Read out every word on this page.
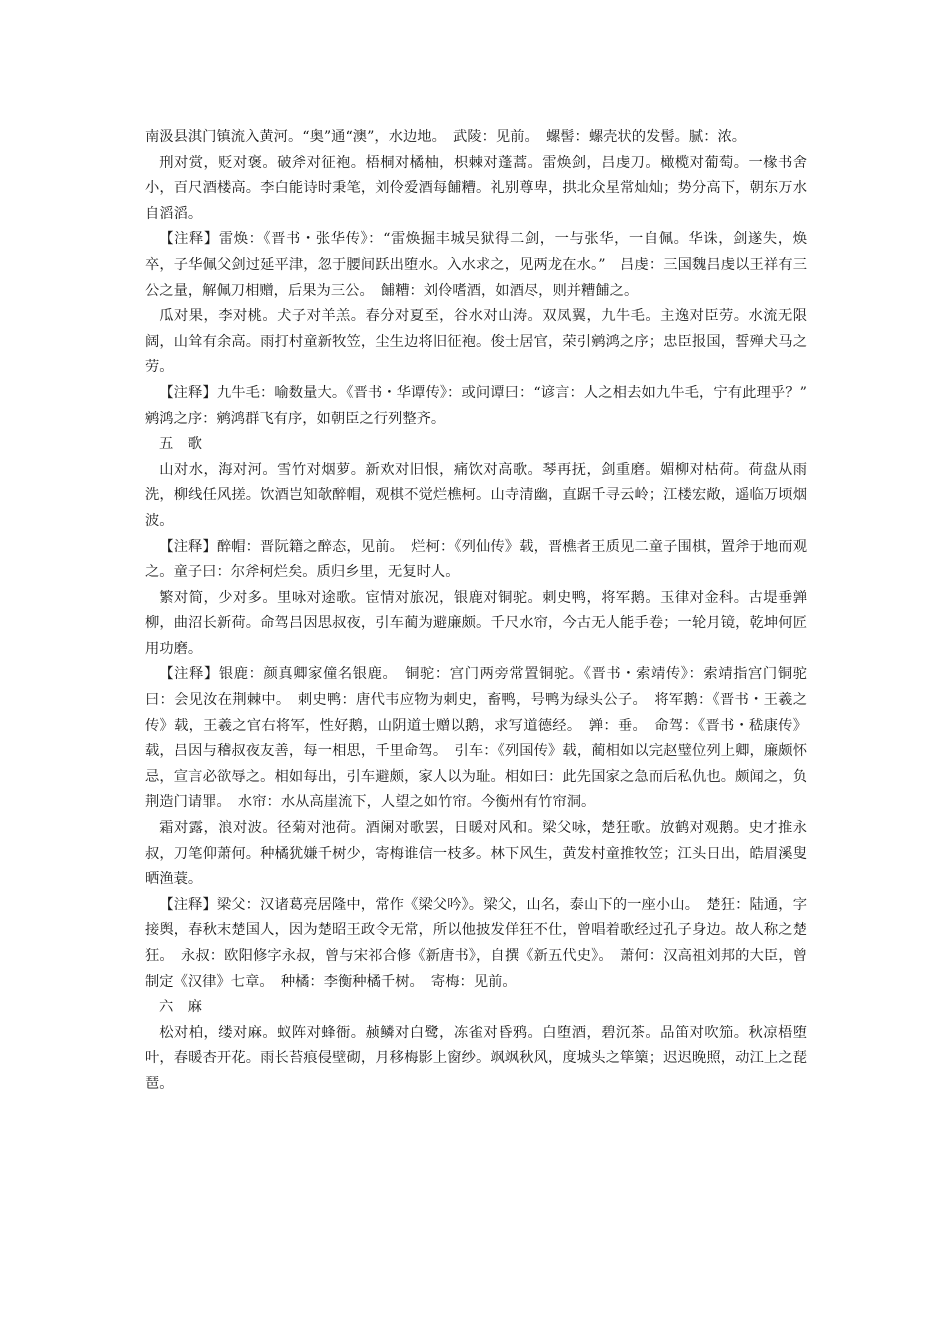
南汲县淇门镇流入黄河。“奥”通“澳”，水边地。　武陵：见前。　螺髻：螺壳状的发髻。腻：浓。

刑对赏，贬对褒。破斧对征袍。梧桐对橘柚，枳棘对蓬蒿。雷焕剑，吕虔刀。橄榄对葡萄。一椽书舍小，百尺酒楼高。李白能诗时秉笔，刘伶爱酒每餔糟。礼别尊卑，拱北众星常灿灿；势分高下，朝东万水自滔滔。

【注释】雷焕：《晋书・张华传》：“雷焕掘丰城吴狱得二剑，一与张华，一自佩。华诛，剑遂失，焕卒，子华佩父剑过延平津，忽于腰间跃出堕水。入水求之，见两龙在水。”　吕虔：三国魏吕虔以王祥有三公之量，解佩刀相赠，后果为三公。　餔糟：刘伶嗜酒，如酒尽，则并糟餔之。

瓜对果，李对桃。犬子对羊羔。春分对夏至，谷水对山涛。双凤翼，九牛毛。主逸对臣劳。水流无限阔，山耸有余高。雨打村童新牧笠，尘生边将旧征袍。俊士居官，荣引鹓鸿之序；忠臣报国，誓殚犬马之劳。

【注释】九牛毛：喻数量大。《晋书・华谭传》：或问谭曰：“谚言：人之相去如九牛毛，宁有此理乎？”　鹓鸿之序：鹓鸿群飞有序，如朝臣之行列整齐。

五　歌

山对水，海对河。雪竹对烟萝。新欢对旧恨，痛饮对高歌。琴再抚，剑重磨。媚柳对枯荷。荷盘从雨洗，柳线任风搓。饮酒岂知欹醉帽，观棋不觉烂樵柯。山寺清幽，直踞千寻云岭；江楼宏敞，遥临万顷烟波。

【注释】醉帽：晋阮籍之醉态，见前。　烂柯：《列仙传》载，晋樵者王质见二童子围棋，置斧于地而观之。童子曰：尔斧柯烂矣。质归乡里，无复时人。

繁对简，少对多。里咏对途歌。宦情对旅况，银鹿对铜驼。刺史鸭，将军鹅。玉律对金科。古堤垂亸柳，曲沼长新荷。命驾吕因思叔夜，引车蔺为避廉颇。千尺水帘，今古无人能手卷；一轮月镜，乾坤何匠用功磨。

【注释】银鹿：颜真卿家僮名银鹿。　铜驼：宫门两旁常置铜驼。《晋书・索靖传》：索靖指宫门铜驼曰：会见汝在荆棘中。　刺史鸭：唐代韦应物为刺史，畜鸭，号鸭为绿头公子。　将军鹅：《晋书・王羲之传》载，王羲之官右将军，性好鹅，山阴道士赠以鹅，求写道德经。　亸：垂。　命驾：《晋书・嵇康传》载，吕因与稽叔夜友善，每一相思，千里命驾。　引车：《列国传》载，蔺相如以完赵璧位列上卿，廉颇怀忌，宣言必欲辱之。相如每出，引车避颇，家人以为耻。相如曰：此先国家之急而后私仇也。颇闻之，负荆造门请罪。　水帘：水从高崖流下，人望之如竹帘。今衡州有竹帘洞。

霜对露，浪对波。径菊对池荷。酒阑对歌罢，日暖对风和。梁父咏，楚狂歌。放鹤对观鹅。史才推永叔，刀笔仰萧何。种橘犹嫌千树少，寄梅谁信一枝多。林下风生，黄发村童推牧笠；江头日出，皓眉溪叟晒渔蓑。

【注释】梁父：汉诸葛亮居隆中，常作《梁父吟》。梁父，山名，泰山下的一座小山。　楚狂：陆通，字接舆，春秋末楚国人，因为楚昭王政令无常，所以他披发佯狂不仕，曾唱着歌经过孔子身边。故人称之楚狂。　永叔：欧阳修字永叔，曾与宋祁合修《新唐书》，自撰《新五代史》。　萧何：汉高祖刘邦的大臣，曾制定《汉律》七章。　种橘：李衡种橘千树。　寄梅：见前。

六　麻

松对柏，缕对麻。蚁阵对蜂衙。赪鳞对白鹭，冻雀对昏鸦。白堕酒，碧沉茶。品笛对吹笳。秋凉梧堕叶，春暖杏开花。雨长苔痕侵壁砌，月移梅影上窗纱。飒飒秋风，度城头之筚篥；迟迟晚照，动江上之琵琶。
